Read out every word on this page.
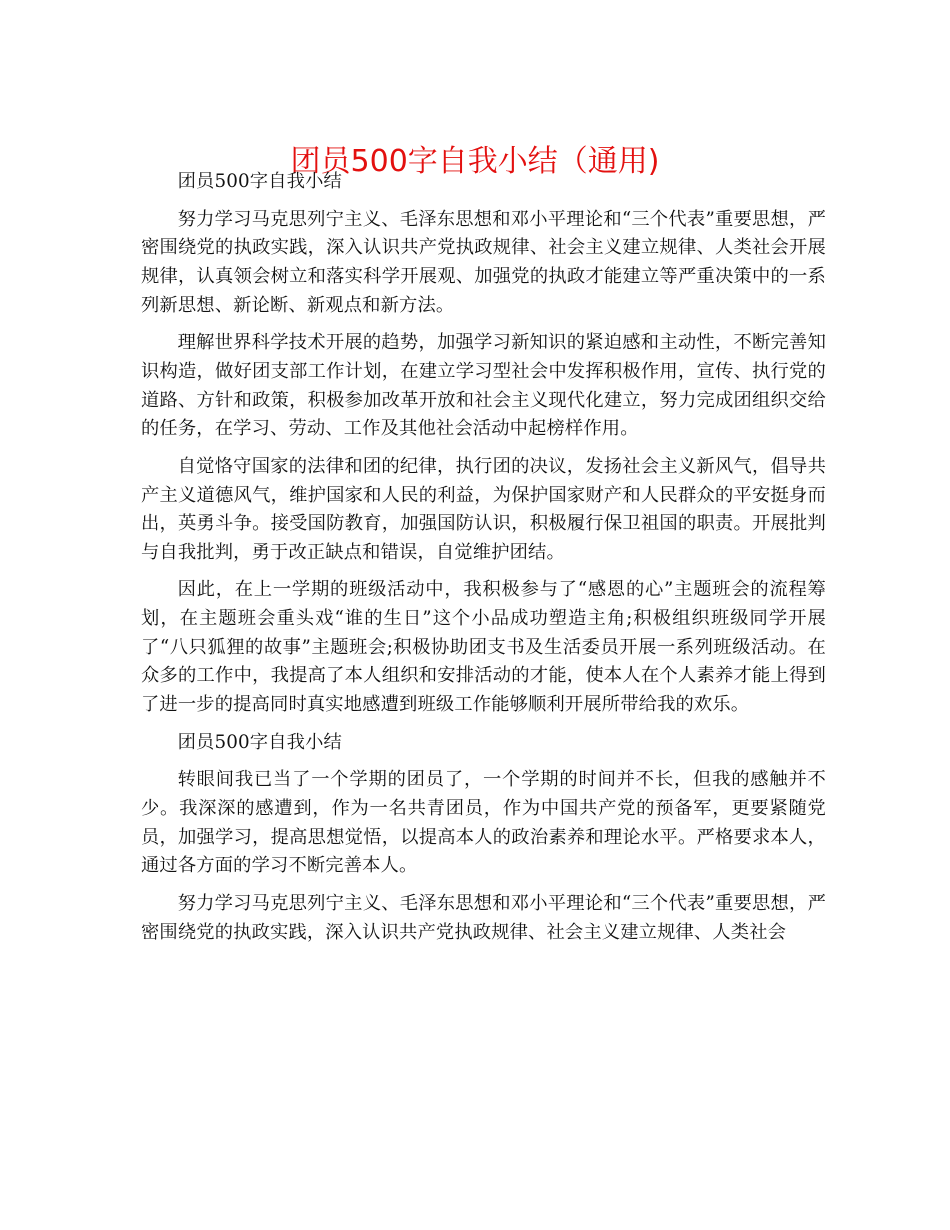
团员500字自我小结（通用)

团员500字自我小结

努力学习马克思列宁主义、毛泽东思想和邓小平理论和“三个代表”重要思想，严密围绕党的执政实践，深入认识共产党执政规律、社会主义建立规律、人类社会开展规律，认真领会树立和落实科学开展观、加强党的执政才能建立等严重决策中的一系列新思想、新论断、新观点和新方法。

理解世界科学技术开展的趋势，加强学习新知识的紧迫感和主动性，不断完善知识构造，做好团支部工作计划，在建立学习型社会中发挥积极作用，宣传、执行党的道路、方针和政策，积极参加改革开放和社会主义现代化建立，努力完成团组织交给的任务，在学习、劳动、工作及其他社会活动中起榜样作用。

自觉恪守国家的法律和团的纪律，执行团的决议，发扬社会主义新风气，倡导共产主义道德风气，维护国家和人民的利益，为保护国家财产和人民群众的平安挺身而出，英勇斗争。接受国防教育，加强国防认识，积极履行保卫祖国的职责。开展批判与自我批判，勇于改正缺点和错误，自觉维护团结。

因此，在上一学期的班级活动中，我积极参与了“感恩的心”主题班会的流程筹划，在主题班会重头戏“谁的生日”这个小品成功塑造主角;积极组织班级同学开展了“八只狐狸的故事”主题班会;积极协助团支书及生活委员开展一系列班级活动。在众多的工作中，我提高了本人组织和安排活动的才能，使本人在个人素养才能上得到了进一步的提高同时真实地感遭到班级工作能够顺利开展所带给我的欢乐。

团员500字自我小结

转眼间我已当了一个学期的团员了，一个学期的时间并不长，但我的感触并不少。我深深的感遭到，作为一名共青团员，作为中国共产党的预备军，更要紧随党员，加强学习，提高思想觉悟，以提高本人的政治素养和理论水平。严格要求本人，通过各方面的学习不断完善本人。

努力学习马克思列宁主义、毛泽东思想和邓小平理论和“三个代表”重要思想，严密围绕党的执政实践，深入认识共产党执政规律、社会主义建立规律、人类社会
